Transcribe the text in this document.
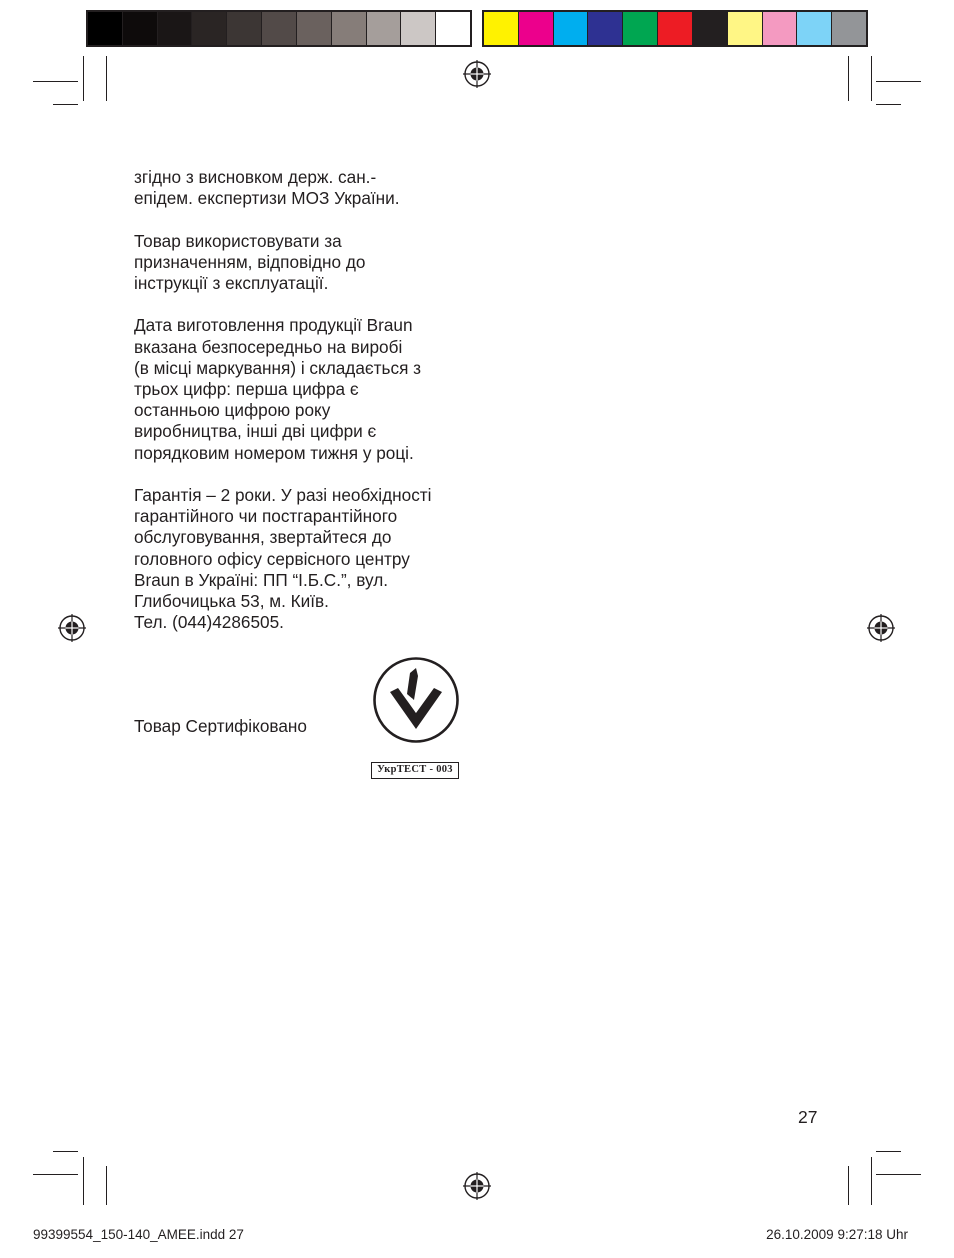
згідно з висновком держ. сан.-
епідем. експертизи МОЗ України.

Товар використовувати за
призначенням, відповідно до
інструкції з експлуатації.

Дата виготовлення продукції Braun
вказана безпосередньо на виробі
(в місці маркування) і складається з
трьох цифр: перша цифра є
останньою цифрою року
виробництва, інші дві цифри є
порядковим номером тижня у році.

Гарантія – 2 роки. У разі необхідності
гарантійного чи постгарантійного
обслуговування, звертайтеся до
головного офісу сервісного центру
Braun в Україні: ПП “І.Б.С.”, вул.
Глибочицька 53, м. Київ.
Тел. (044)4286505.

Товар Сертифіковано
УкрТЕСТ - 003
27
99399554_150-140_AMEE.indd 27	26.10.2009 9:27:18 Uhr
